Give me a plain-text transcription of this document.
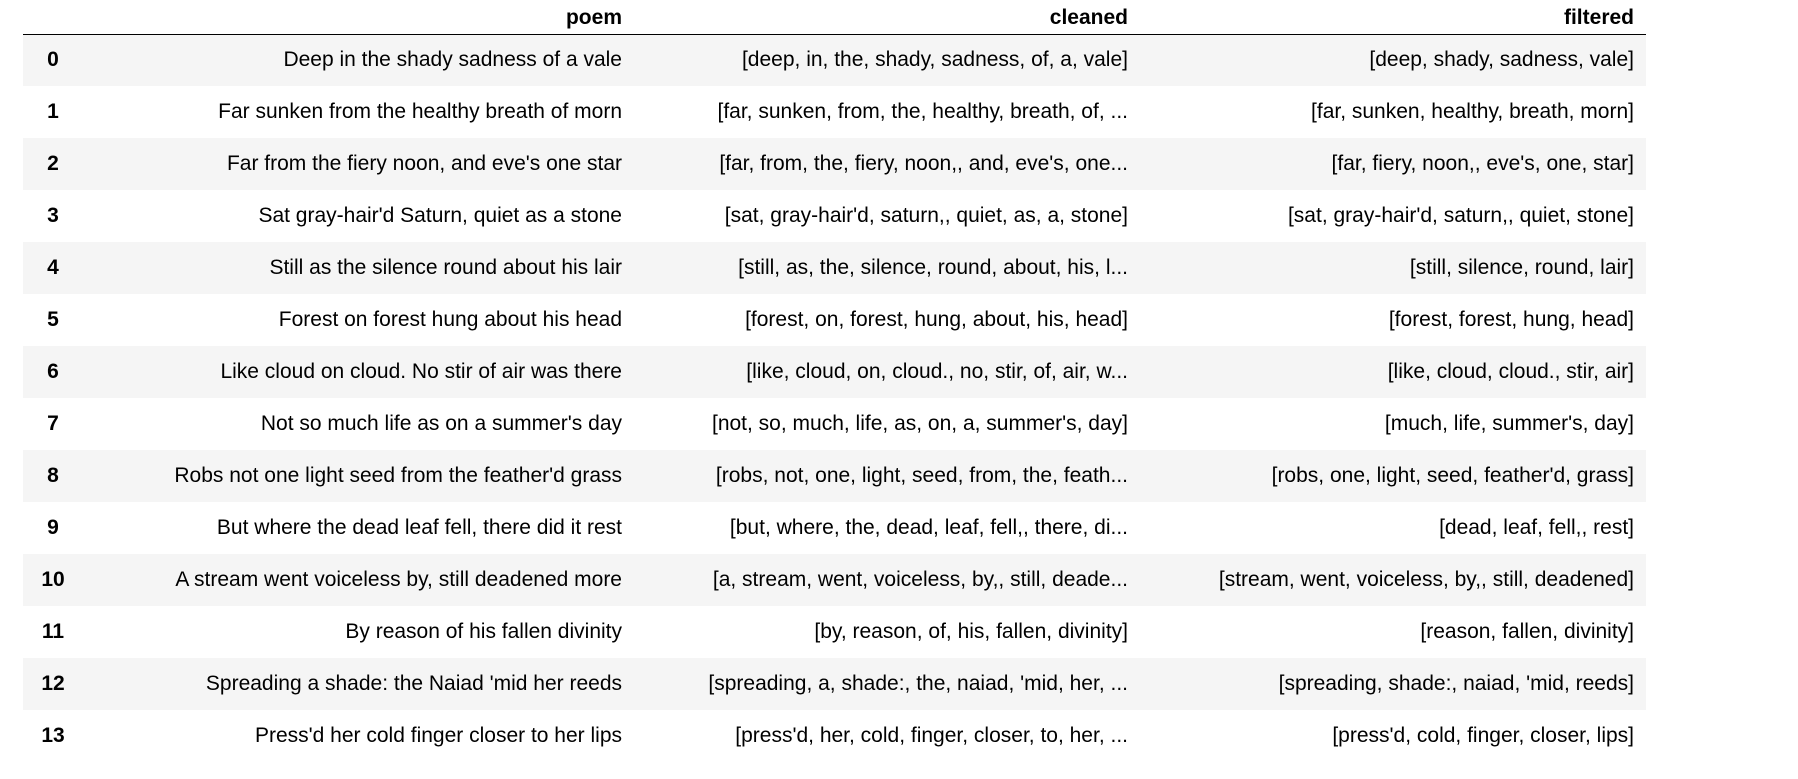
	poem	cleaned	filtered
0	Deep in the shady sadness of a vale	[deep, in, the, shady, sadness, of, a, vale]	[deep, shady, sadness, vale]
1	Far sunken from the healthy breath of morn	[far, sunken, from, the, healthy, breath, of, ...	[far, sunken, healthy, breath, morn]
2	Far from the fiery noon, and eve's one star	[far, from, the, fiery, noon,, and, eve's, one...	[far, fiery, noon,, eve's, one, star]
3	Sat gray-hair'd Saturn, quiet as a stone	[sat, gray-hair'd, saturn,, quiet, as, a, stone]	[sat, gray-hair'd, saturn,, quiet, stone]
4	Still as the silence round about his lair	[still, as, the, silence, round, about, his, l...	[still, silence, round, lair]
5	Forest on forest hung about his head	[forest, on, forest, hung, about, his, head]	[forest, forest, hung, head]
6	Like cloud on cloud. No stir of air was there	[like, cloud, on, cloud., no, stir, of, air, w...	[like, cloud, cloud., stir, air]
7	Not so much life as on a summer's day	[not, so, much, life, as, on, a, summer's, day]	[much, life, summer's, day]
8	Robs not one light seed from the feather'd grass	[robs, not, one, light, seed, from, the, feath...	[robs, one, light, seed, feather'd, grass]
9	But where the dead leaf fell, there did it rest	[but, where, the, dead, leaf, fell,, there, di...	[dead, leaf, fell,, rest]
10	A stream went voiceless by, still deadened more	[a, stream, went, voiceless, by,, still, deade...	[stream, went, voiceless, by,, still, deadened]
11	By reason of his fallen divinity	[by, reason, of, his, fallen, divinity]	[reason, fallen, divinity]
12	Spreading a shade: the Naiad 'mid her reeds	[spreading, a, shade:, the, naiad, 'mid, her, ...	[spreading, shade:, naiad, 'mid, reeds]
13	Press'd her cold finger closer to her lips	[press'd, her, cold, finger, closer, to, her, ...	[press'd, cold, finger, closer, lips]
